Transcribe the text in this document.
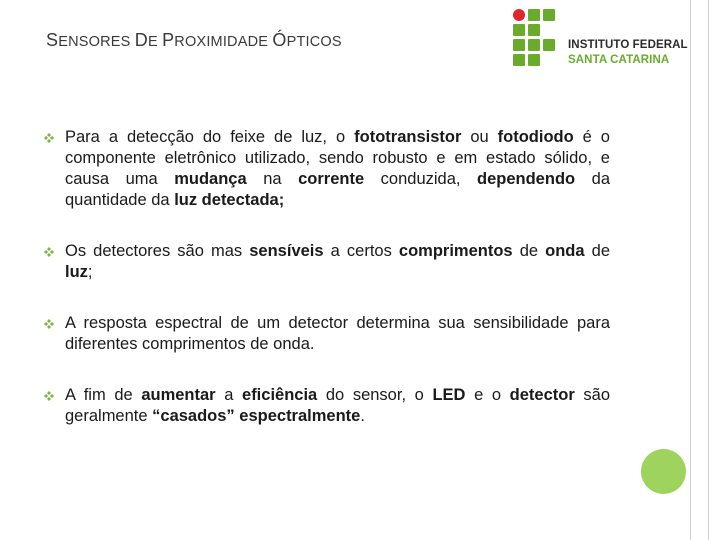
SENSORES DE PROXIMIDADE ÓPTICOS	INSTITUTO FEDERAL
SANTA CATARINA
Para a detecção do feixe de luz, o fototransistor ou fotodiodo é o componente eletrônico utilizado, sendo robusto e em estado sólido, e causa uma mudança na corrente conduzida, dependendo da quantidade da luz detectada;
Os detectores são mas sensíveis a certos comprimentos de onda de luz;
A resposta espectral de um detector determina sua sensibilidade para diferentes comprimentos de onda.
A fim de aumentar a eficiência do sensor, o LED e o detector são geralmente “casados” espectralmente.
